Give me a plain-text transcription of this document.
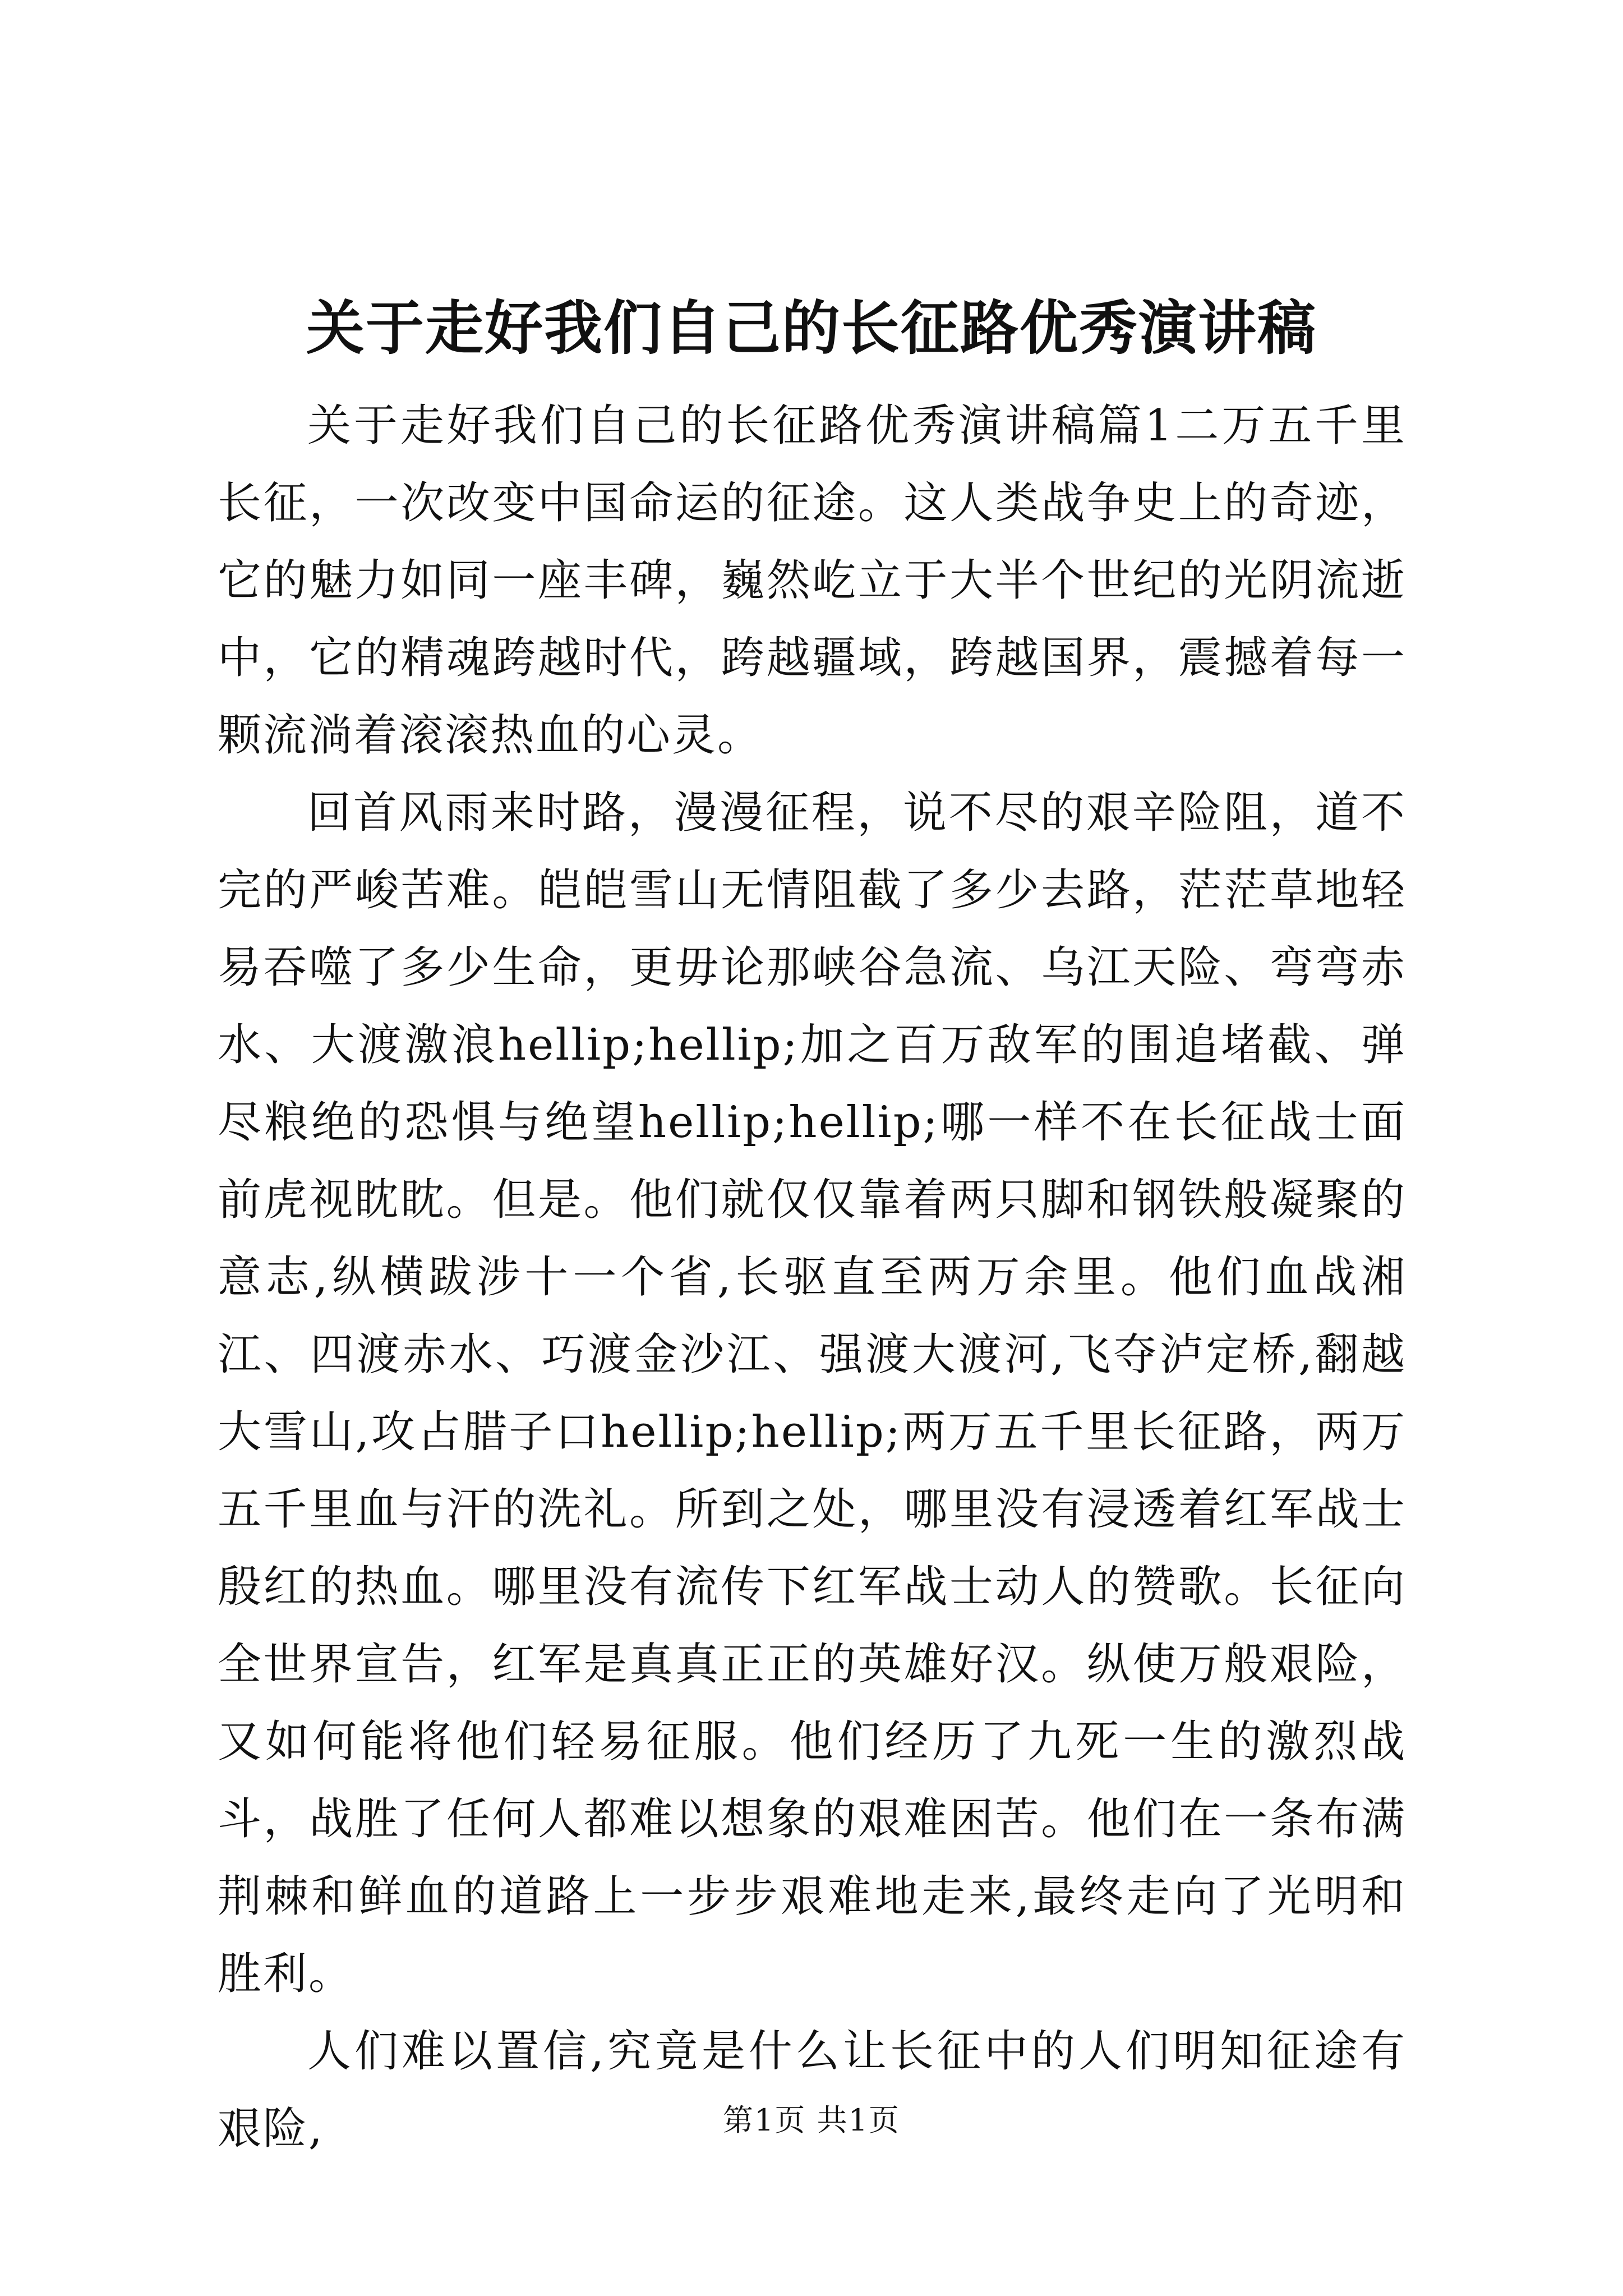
关于走好我们自己的长征路优秀演讲稿

关于走好我们自己的长征路优秀演讲稿篇1二万五千里长征，一次改变中国命运的征途。这人类战争史上的奇迹，它的魅力如同一座丰碑，巍然屹立于大半个世纪的光阴流逝中，它的精魂跨越时代，跨越疆域，跨越国界，震撼着每一颗流淌着滚滚热血的心灵。

回首风雨来时路，漫漫征程，说不尽的艰辛险阻，道不完的严峻苦难。皑皑雪山无情阻截了多少去路，茫茫草地轻易吞噬了多少生命，更毋论那峡谷急流、乌江天险、弯弯赤水、大渡激浪hellip;hellip;加之百万敌军的围追堵截、弹尽粮绝的恐惧与绝望hellip;hellip;哪一样不在长征战士面前虎视眈眈。但是。他们就仅仅靠着两只脚和钢铁般凝聚的意志,纵横跋涉十一个省,长驱直至两万余里。他们血战湘江、四渡赤水、巧渡金沙江、强渡大渡河,飞夺泸定桥,翻越大雪山,攻占腊子口hellip;hellip;两万五千里长征路，两万五千里血与汗的洗礼。所到之处，哪里没有浸透着红军战士殷红的热血。哪里没有流传下红军战士动人的赞歌。长征向全世界宣告，红军是真真正正的英雄好汉。纵使万般艰险，又如何能将他们轻易征服。他们经历了九死一生的激烈战斗，战胜了任何人都难以想象的艰难困苦。他们在一条布满荆棘和鲜血的道路上一步步艰难地走来,最终走向了光明和胜利。

人们难以置信,究竟是什么让长征中的人们明知征途有艰险,	第1页 共1页
